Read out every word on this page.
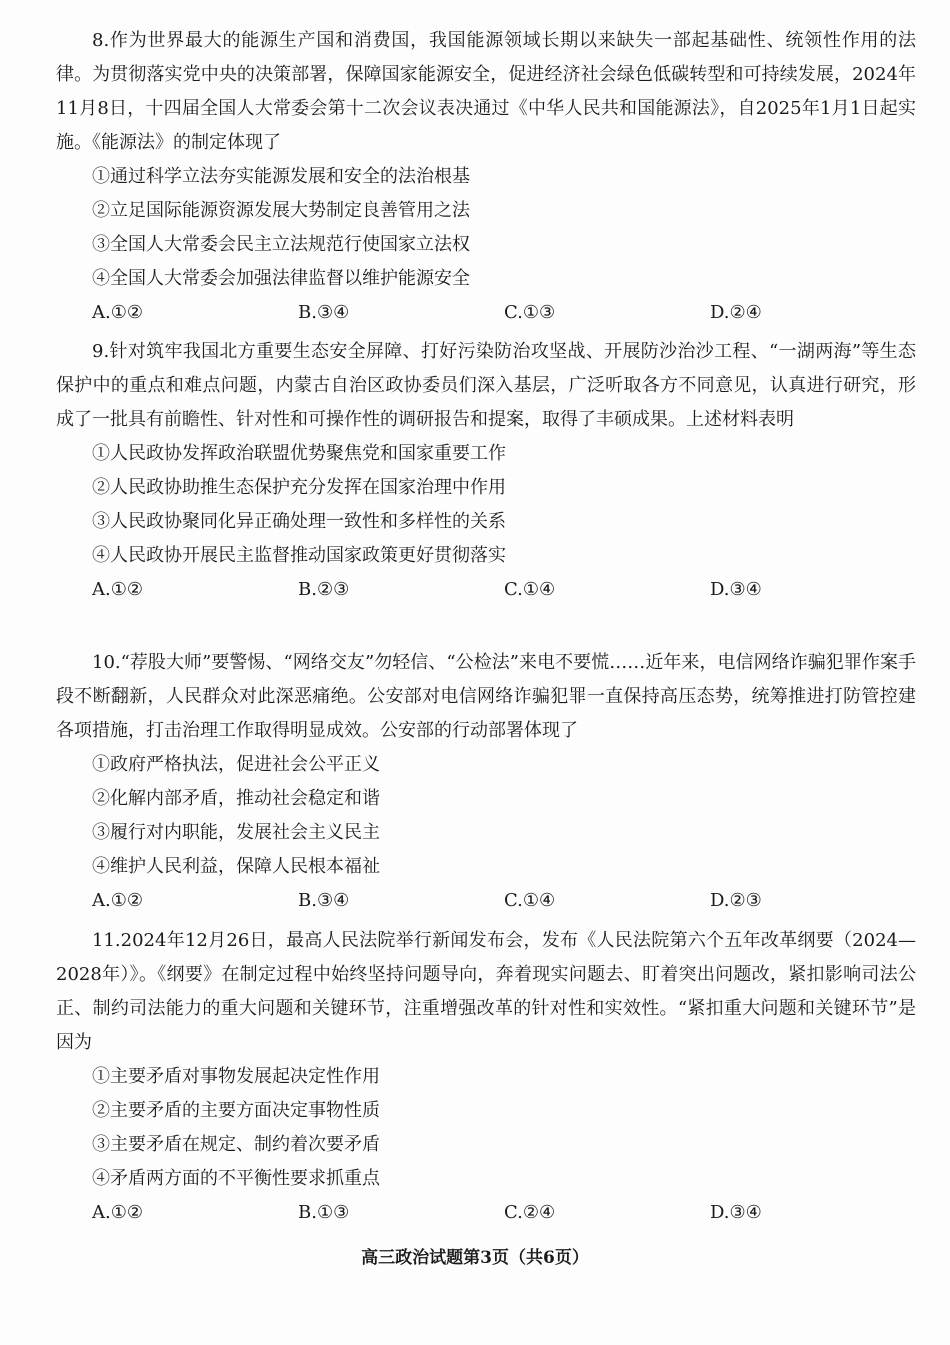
8.作为世界最大的能源生产国和消费国，我国能源领域长期以来缺失一部起基础性、统领性作用的法律。为贯彻落实党中央的决策部署，保障国家能源安全，促进经济社会绿色低碳转型和可持续发展，2024年11月8日，十四届全国人大常委会第十二次会议表决通过《中华人民共和国能源法》，自2025年1月1日起实施。《能源法》的制定体现了

①通过科学立法夯实能源发展和安全的法治根基

②立足国际能源资源发展大势制定良善管用之法

③全国人大常委会民主立法规范行使国家立法权

④全国人大常委会加强法律监督以维护能源安全

A.①②	B.③④	C.①③	D.②④

9.针对筑牢我国北方重要生态安全屏障、打好污染防治攻坚战、开展防沙治沙工程、“一湖两海”等生态保护中的重点和难点问题，内蒙古自治区政协委员们深入基层，广泛听取各方不同意见，认真进行研究，形成了一批具有前瞻性、针对性和可操作性的调研报告和提案，取得了丰硕成果。上述材料表明

①人民政协发挥政治联盟优势聚焦党和国家重要工作

②人民政协助推生态保护充分发挥在国家治理中作用

③人民政协聚同化异正确处理一致性和多样性的关系

④人民政协开展民主监督推动国家政策更好贯彻落实

A.①②	B.②③	C.①④	D.③④

10.“荐股大师”要警惕、“网络交友”勿轻信、“公检法”来电不要慌……近年来，电信网络诈骗犯罪作案手段不断翻新，人民群众对此深恶痛绝。公安部对电信网络诈骗犯罪一直保持高压态势，统筹推进打防管控建各项措施，打击治理工作取得明显成效。公安部的行动部署体现了

①政府严格执法，促进社会公平正义

②化解内部矛盾，推动社会稳定和谐

③履行对内职能，发展社会主义民主

④维护人民利益，保障人民根本福祉

A.①②	B.③④	C.①④	D.②③

11.2024年12月26日，最高人民法院举行新闻发布会，发布《人民法院第六个五年改革纲要（2024—2028年）》。《纲要》在制定过程中始终坚持问题导向，奔着现实问题去、盯着突出问题改，紧扣影响司法公正、制约司法能力的重大问题和关键环节，注重增强改革的针对性和实效性。“紧扣重大问题和关键环节”是因为

①主要矛盾对事物发展起决定性作用

②主要矛盾的主要方面决定事物性质

③主要矛盾在规定、制约着次要矛盾

④矛盾两方面的不平衡性要求抓重点

A.①②	B.①③	C.②④	D.③④
高三政治试题第3页（共6页）
